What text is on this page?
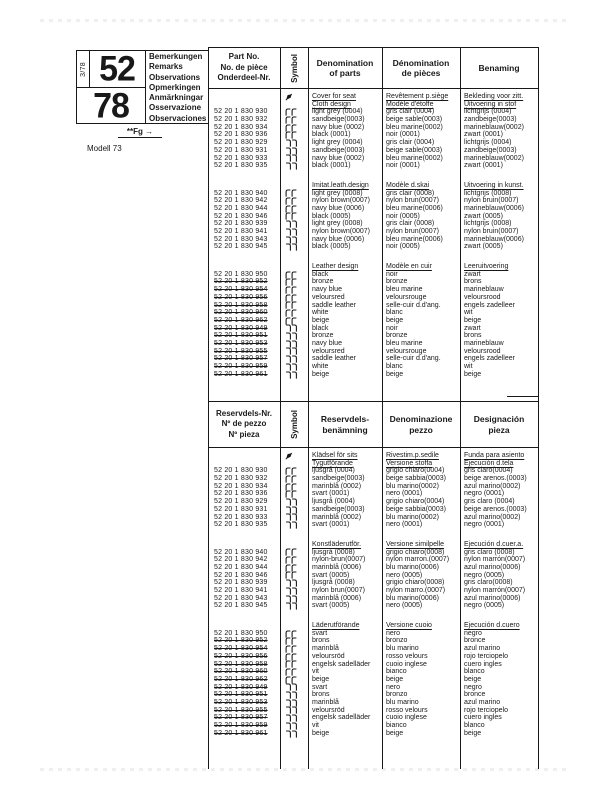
3/78 52
78
Bemerkungen
Remarks
Observations
Opmerkingen
Anmärkningar
Osservazione
Observaciones
**Fg →
Modell 73
Part No.
No. de pièce
Onderdeel-Nr. Symbol Denomination
of parts
Dénomination
de pièces
Benaming
Cover for seat	Revêtement p.siège	Bekleding voor zitt.
Cloth design	Modèle d'étoffe	Uitvoering in stof
52 20 1 830 930	light grey (0004)	gris clair (0004)	lichtgrijs (0004)
52 20 1 830 932	sandbeige(0003)	beige sable(0003)	zandbeige(0003)
52 20 1 830 934	navy blue (0002)	bleu marine(0002)	marineblauw(0002)
52 20 1 830 936	black (0001)	noir (0001)	zwart (0001)
52 20 1 830 929	light grey (0004)	gris clair (0004)	lichtgrijs (0004)
52 20 1 830 931	sandbeige(0003)	beige sable(0003)	zandbeige(0003)
52 20 1 830 933	navy blue (0002)	bleu marine(0002)	marineblauw(0002)
52 20 1 830 935	black (0001)	noir (0001)	zwart (0001)
Imitat.leath.design	Modèle d.skai	Uitvoering in kunst.
52 20 1 830 940	light grey (0008)	gris clair (0008)	lichtgrijs (0008)
52 20 1 830 942	nylon brown(0007)	nylon brun(0007)	nylon bruin(0007)
52 20 1 830 944	navy blue (0006)	bleu marine(0006)	marineblauw(0006)
52 20 1 830 946	black (0005)	noir (0005)	zwart (0005)
52 20 1 830 939	light grey (0008)	gris clair (0008)	lichtgrijs (0008)
52 20 1 830 941	nylon brown(0007)	nylon brun(0007)	nylon bruin(0007)
52 20 1 830 943	navy blue (0006)	bleu marine(0006)	marineblauw(0006)
52 20 1 830 945	black (0005)	noir (0005)	zwart (0005)
Leather design	Modèle en cuir	Leeruitvoering
52 20 1 830 950	black	noir	zwart
52 20 1 830 952	bronze	bronze	brons
52 20 1 830 954	navy blue	bleu marine	marineblauw
52 20 1 830 956	veloursred	veloursrouge	veloursrood
52 20 1 830 958	saddle leather	selle-cuir d.d'ang.	engels zadelleer
52 20 1 830 960	white	blanc	wit
52 20 1 830 962	beige	beige	beige
52 20 1 830 949	black	noir	zwart
52 20 1 830 951	bronze	bronze	brons
52 20 1 830 953	navy blue	bleu marine	marineblauw
52 20 1 830 955	veloursred	veloursrouge	veloursrood
52 20 1 830 957	saddle leather	selle-cuir d.d'ang.	engels zadelleer
52 20 1 830 959	white	blanc	wit
52 20 1 830 961	beige	beige	beige
Reservdels-Nr.
Nº de pezzo
Nº pieza	Symbol	Reservdels-
benämning
Denominazione
pezzo
Designación
pieza
Klädsel för sits	Rivestim.p.sedile	Funda para asiento
Tygutförande	Versione stoffa	Ejecución d.tela
52 20 1 830 930	ljusgrå (0004)	grigio chiaro(0004)	gris claro(0004)
52 20 1 830 932	sandbeige(0003)	beige sabbia(0003)	beige arenos.(0003)
52 20 1 830 934	marinblå (0002)	blu marino(0002)	azul marino(0002)
52 20 1 830 936	svart (0001)	nero (0001)	negro (0001)
52 20 1 830 929	ljusgrå (0004)	grigio chiaro(0004)	gris claro (0004)
52 20 1 830 931	sandbeige(0003)	beige sabbia(0003)	beige arenos.(0003)
52 20 1 830 933	marinblå (0002)	blu marino(0002)	azul marino(0002)
52 20 1 830 935	svart (0001)	nero (0001)	negro (0001)
Konstläderutför.	Versione similpelle	Ejecución d.cuer.a.
52 20 1 830 940	ljusgrå (0008)	grigio chiaro(0008)	gris claro (0008)
52 20 1 830 942	nylon-brun(0007)	nylon marron.(0007)	nylon marrón(0007)
52 20 1 830 944	marinblå (0006)	blu marino(0006)	azul marino(0006)
52 20 1 830 946	svart (0005)	nero (0005)	negro (0005)
52 20 1 830 939	ljusgrå (0008)	grigio chiaro(0008)	gris claro(0008)
52 20 1 830 941	nylon brun(0007)	nylon marro.(0007)	nylon marrón(0007)
52 20 1 830 943	marinblå (0006)	blu marino(0006)	azul marino(0006)
52 20 1 830 945	svart (0005)	nero (0005)	negro (0005)
Läderutförande	Versione cuoio	Ejecución d.cuero
52 20 1 830 950	svart	nero	negro
52 20 1 830 952	brons	bronzo	bronce
52 20 1 830 954	marinblå	blu marino	azul marino
52 20 1 830 956	veloursröd	rosso velours	rojo terciopelo
52 20 1 830 958	engelsk sadelläder	cuoio inglese	cuero ingles
52 20 1 830 960	vit	bianco	blanco
52 20 1 830 962	beige	beige	beige
52 20 1 830 949	svart	nero	negro
52 20 1 830 951	brons	bronzo	bronce
52 20 1 830 953	marinblå	blu marino	azul marino
52 20 1 830 955	veloursröd	rosso velours	rojo terciopelo
52 20 1 830 957	engelsk sadelläder	cuoio inglese	cuero ingles
52 20 1 830 959	vit	bianco	blanco
52 20 1 830 961	beige	beige	beige
